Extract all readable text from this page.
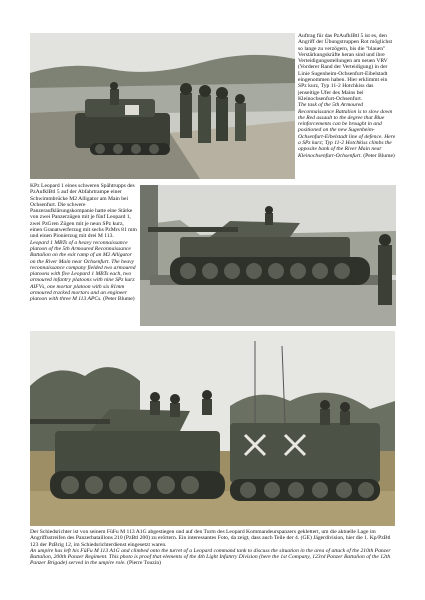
Auftrag für das PzAufklBtl 5 ist es, den Angriff der Übungstruppen Rot möglichst so lange zu verzögern, bis die "blauen" Verstärkungskräfte heran sind und ihre Verteidigungsstellungen am neuen VRV (Vorderer Rand der Verteidigung) in der Linie Sugenheim-Ochsenfurt-Eibelstadt eingenommen haben. Hier erklimmt ein SPz kurz, Typ 11-2 Hotchkiss das jenseitige Ufer des Mains bei Kleinochsenfurt-Ochsenfurt.

The task of the 5th Armoured Reconnaissance Battalion is to slow down the Red assault to the degree that Blue reinforcements can be brought in and positioned on the new Sugenheim-Ochsenfurt-Eibelstadt line of defence. Here a SPz kurz; Typ 11-2 Hotchkiss climbs the opposite bank of the River Main near Kleinochsenfurt-Ochsenfurt. (Peter Blume)

KPz Leopard 1 eines schweren Spähtrupps des PzAufklBtl 5 auf der Abfahrtrampe einer Schwimmbrücke M2 Alligator am Main bei Ochsenfurt. Die schwere Panzeraufklärungskompanie hatte eine Stärke von zwei Panzerzügen mit je fünf Leopard 1, zwei PzGren Zügen mit je neun SPz kurz, einen Granatwerferzug mit sechs PzMrs 81 mm und einen Pionierzug mit drei M 113.

Leopard 1 MBTs of a heavy reconnaissance platoon of the 5th Armoured Reconnaissance Battalion on the exit ramp of an M2 Alligator on the River Main near Ochsenfurt. The heavy reconnaissance company fielded two armoured platoons with five Leopard 1 MBTs each, two armoured infantry platoons with nine SPz kurz AIFVs, one mortar platoon with six 81mm armoured tracked mortars and an engineer platoon with three M 113 APCs. (Peter Blume)

Der Schiedsrichter ist von seinem FüFu M 113 A1G abgestiegen und auf den Turm des Leopard Kommandeurspanzers geklettert, um die aktuelle Lage im Angriffsstreifen des Panzerbataillons 210 (PzBtl 200) zu erörtern. Ein interessantes Foto, da zeigt, dass auch Teile der 4. (GE) Jägerdivision, hier die 1. Kp/PzBtl 123 der PzBrig 12, im Schiedsrichterdienst eingesetzt waren.

An umpire has left his FüFu M 113 A1G and climbed onto the turret of a Leopard command tank to discuss the situation in the area of attack of the 210th Panzer Battalion, 200th Panzer Regiment. This photo is proof that elements of the 4th Light Infantry Division (here the 1st Company, 123rd Panzer Battalion of the 12th Panzer Brigade) served in the umpire role. (Pierre Touzin)
